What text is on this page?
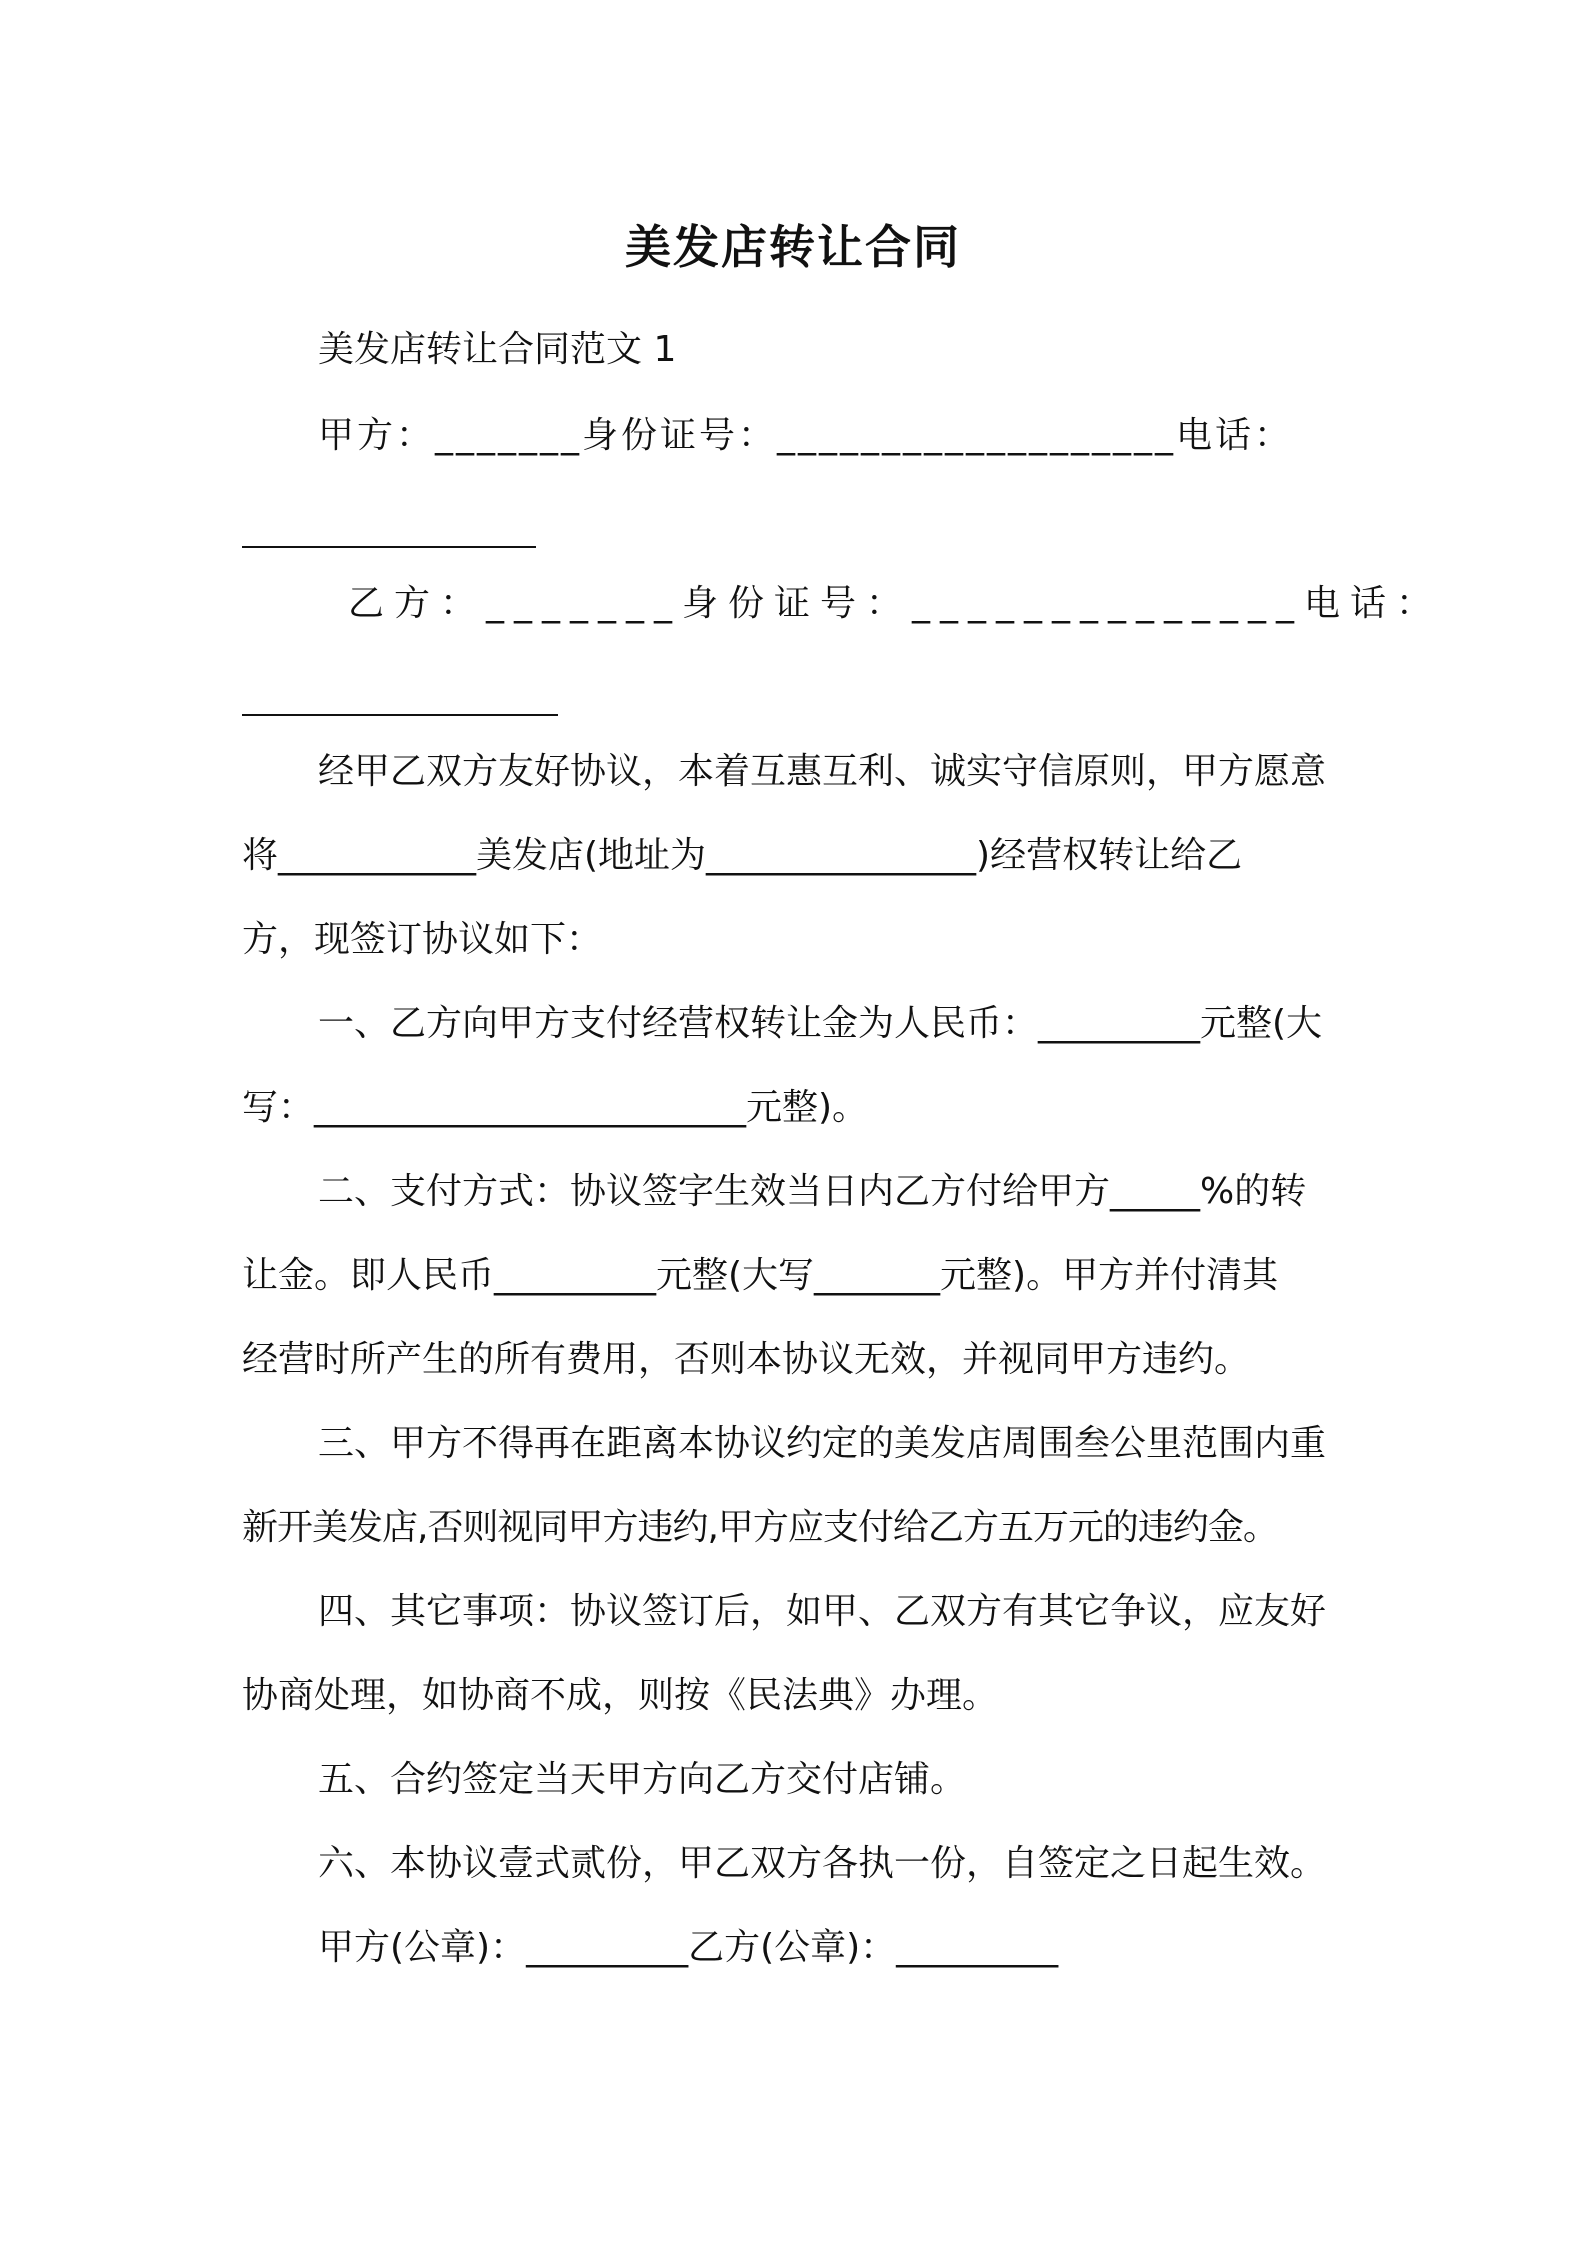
美发店转让合同
美发店转让合同范文 1
甲方：_______身份证号：___________________电话：
乙方：_______身份证号：______________电话：
经甲乙双方友好协议，本着互惠互利、诚实守信原则，甲方愿意
将___________美发店(地址为_______________)经营权转让给乙
方，现签订协议如下：
一、乙方向甲方支付经营权转让金为人民币：_________元整(大
写：________________________元整)。
二、支付方式：协议签字生效当日内乙方付给甲方_____%的转
让金。即人民币_________元整(大写_______元整)。甲方并付清其
经营时所产生的所有费用，否则本协议无效，并视同甲方违约。
三、甲方不得再在距离本协议约定的美发店周围叁公里范围内重
新开美发店,否则视同甲方违约,甲方应支付给乙方五万元的违约金。
四、其它事项：协议签订后，如甲、乙双方有其它争议，应友好
协商处理，如协商不成，则按《民法典》办理。
五、合约签定当天甲方向乙方交付店铺。
六、本协议壹式贰份，甲乙双方各执一份，自签定之日起生效。
甲方(公章)：_________乙方(公章)：_________
